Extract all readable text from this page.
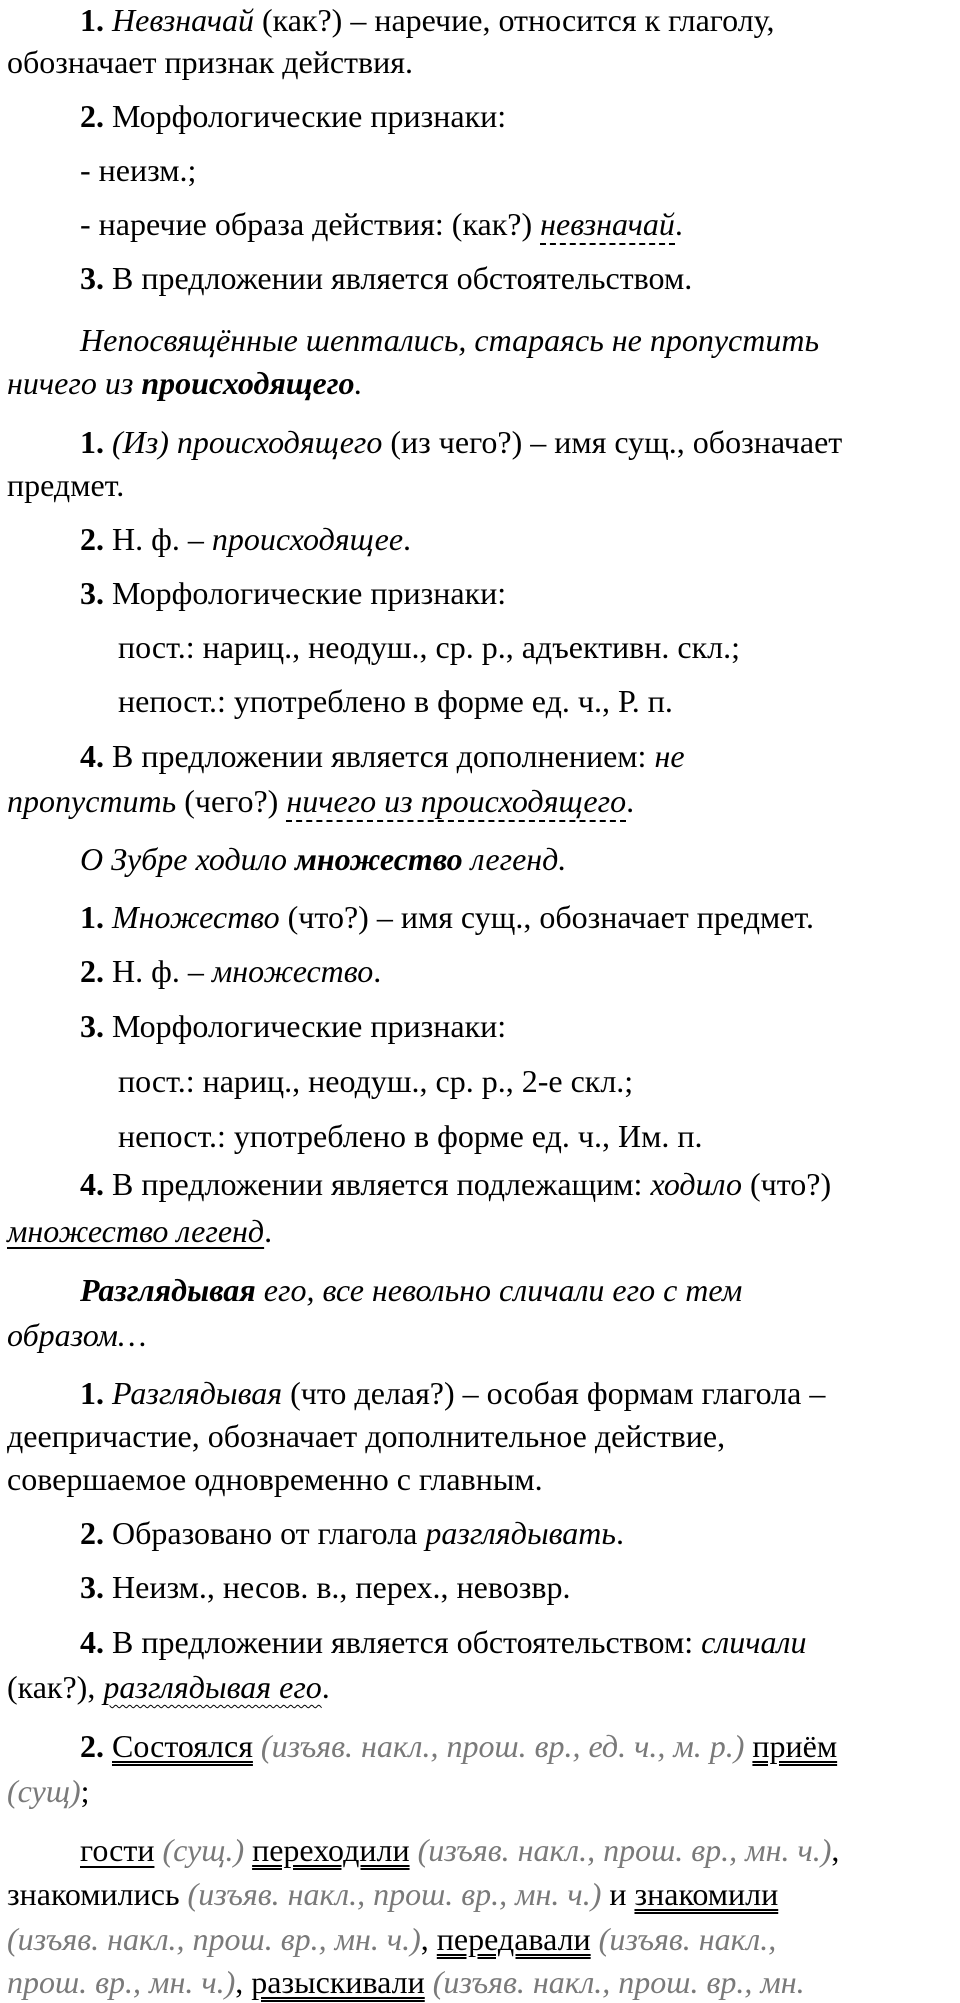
1. Невзначай (как?) – наречие, относится к глаголу,
обозначает признак действия.
2. Морфологические признаки:
- неизм.;
- наречие образа действия: (как?) невзначай.
3. В предложении является обстоятельством.
Непосвящённые шептались, стараясь не пропустить
ничего из происходящего.
1. (Из) происходящего (из чего?) – имя сущ., обозначает
предмет.
2. Н. ф. – происходящее.
3. Морфологические признаки:
пост.: нариц., неодуш., ср. р., адъективн. скл.;
непост.: употреблено в форме ед. ч., Р. п.
4. В предложении является дополнением: не
пропустить (чего?) ничего из происходящего.
О Зубре ходило множество легенд.
1. Множество (что?) – имя сущ., обозначает предмет.
2. Н. ф. – множество.
3. Морфологические признаки:
пост.: нариц., неодуш., ср. р., 2-е скл.;
непост.: употреблено в форме ед. ч., Им. п.
4. В предложении является подлежащим: ходило (что?)
множество легенд.
Разглядывая его, все невольно сличали его с тем
образом…
1. Разглядывая (что делая?) – особая формам глагола –
деепричастие, обозначает дополнительное действие,
совершаемое одновременно с главным.
2. Образовано от глагола разглядывать.
3. Неизм., несов. в., перех., невозвр.
4. В предложении является обстоятельством: сличали
(как?), разглядывая его.
2. Состоялся (изъяв. накл., прош. вр., ед. ч., м. р.) приём
(сущ);
гости (сущ.) переходили (изъяв. накл., прош. вр., мн. ч.),
знакомились (изъяв. накл., прош. вр., мн. ч.) и знакомили
(изъяв. накл., прош. вр., мн. ч.), передавали (изъяв. накл.,
прош. вр., мн. ч.), разыскивали (изъяв. накл., прош. вр., мн.
